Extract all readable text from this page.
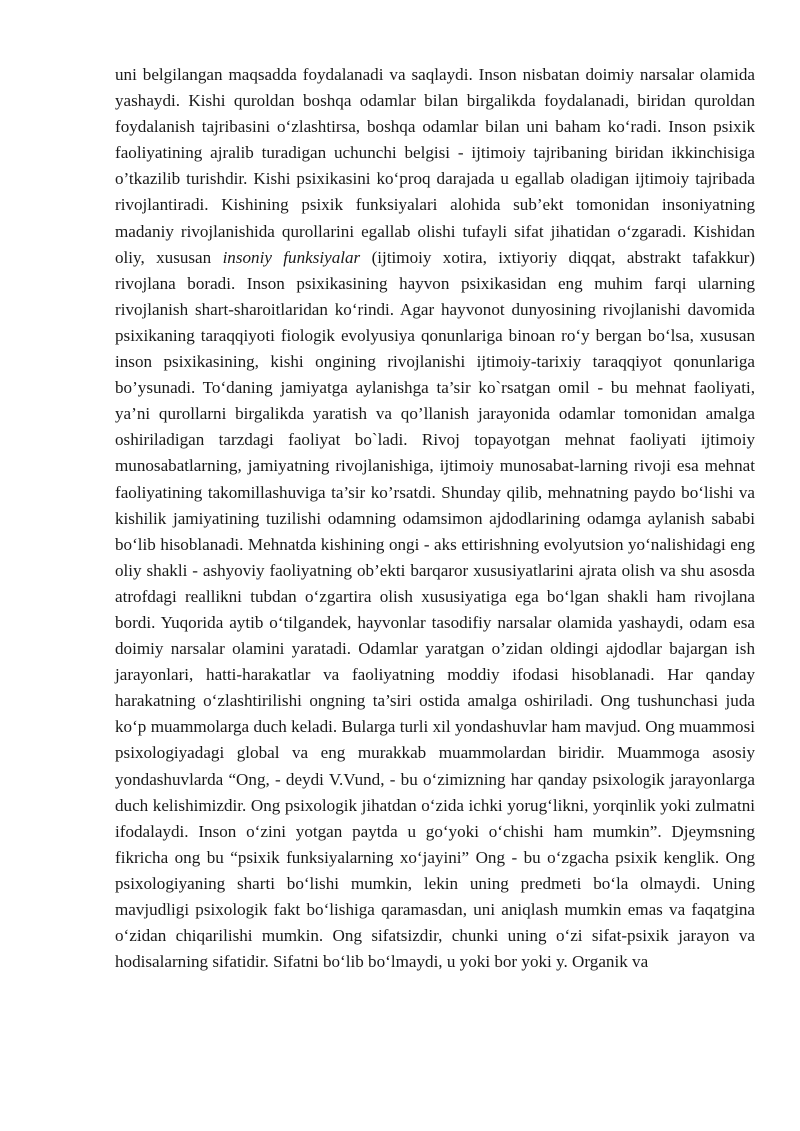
uni belgilangan maqsadda foydalanadi va saqlaydi. Inson nisbatan doimiy narsalar olamida yashaydi. Kishi quroldan boshqa odamlar bilan birgalikda foydalanadi, biridan quroldan foydalanish tajribasini o‘zlashtirsa, boshqa odamlar bilan uni baham ko‘radi. Inson psixik faoliyatining ajralib turadigan uchunchi belgisi - ijtimoiy tajribaning biridan ikkinchisiga o’tkazilib turishdir. Kishi psixikasini ko‘proq darajada u egallab oladigan ijtimoiy tajribada rivojlantiradi. Kishining psixik funksiyalari alohida sub’ekt tomonidan insoniyatning madaniy rivojlanishida qurollarini egallab olishi tufayli sifat jihatidan o‘zgaradi. Kishidan oliy, xususan insoniy funksiyalar (ijtimoiy xotira, ixtiyoriy diqqat, abstrakt tafakkur) rivojlana boradi. Inson psixikasining hayvon psixikasidan eng muhim farqi ularning rivojlanish shart-sharoitlaridan ko‘rindi. Agar hayvonot dunyosining rivojlanishi davomida psixikaning taraqqiyoti fiologik evolyusiya qonunlariga binoan ro‘y bergan bo‘lsa, xususan inson psixikasining, kishi ongining rivojlanishi ijtimoiy-tarixiy taraqqiyot qonunlariga bo’ysunadi. To‘daning jamiyatga aylanishga ta’sir ko`rsatgan omil - bu mehnat faoliyati, ya’ni qurollarni birgalikda yaratish va qo’llanish jarayonida odamlar tomonidan amalga oshiriladigan tarzdagi faoliyat bo`ladi. Rivoj topayotgan mehnat faoliyati ijtimoiy munosabatlarning, jamiyatning rivojlanishiga, ijtimoiy munosabat-larning rivoji esa mehnat faoliyatining takomillashuviga ta’sir ko’rsatdi. Shunday qilib, mehnatning paydo bo‘lishi va kishilik jamiyatining tuzilishi odamning odamsimon ajdodlarining odamga aylanish sababi bo‘lib hisoblanadi. Mehnatda kishining ongi - aks ettirishning evolyutsion yo‘nalishidagi eng oliy shakli - ashyoviy faoliyatning ob’ekti barqaror xususiyatlarini ajrata olish va shu asosda atrofdagi reallikni tubdan o‘zgartira olish xususiyatiga ega bo‘lgan shakli ham rivojlana bordi. Yuqorida aytib o‘tilgandek, hayvonlar tasodifiy narsalar olamida yashaydi, odam esa doimiy narsalar olamini yaratadi. Odamlar yaratgan o’zidan oldingi ajdodlar bajargan ish jarayonlari, hatti-harakatlar va faoliyatning moddiy ifodasi hisoblanadi. Har qanday harakatning o‘zlashtirilishi ongning ta’siri ostida amalga oshiriladi. Ong tushunchasi juda ko‘p muammolarga duch keladi. Bularga turli xil yondashuvlar ham mavjud. Ong muammosi psixologiyadagi global va eng murakkab muammolardan biridir. Muammoga asosiy yondashuvlarda “Ong, - deydi V.Vund, - bu o‘zimizning har qanday psixologik jarayonlarga duch kelishimizdir. Ong psixologik jihatdan o‘zida ichki yorug‘likni, yorqinlik yoki zulmatni ifodalaydi. Inson o‘zini yotgan paytda u go‘yoki o‘chishi ham mumkin”. Djeymsning fikricha ong bu “psixik funksiyalarning xo‘jayini” Ong - bu o‘zgacha psixik kenglik. Ong psixologiyaning sharti bo‘lishi mumkin, lekin uning predmeti bo‘la olmaydi. Uning mavjudligi psixologik fakt bo‘lishiga qaramasdan, uni aniqlash mumkin emas va faqatgina o‘zidan chiqarilishi mumkin. Ong sifatsizdir, chunki uning o‘zi sifat-psixik jarayon va hodisalarning sifatidir. Sifatni bo‘lib bo‘lmaydi, u yoki bor yoki y. Organik va
